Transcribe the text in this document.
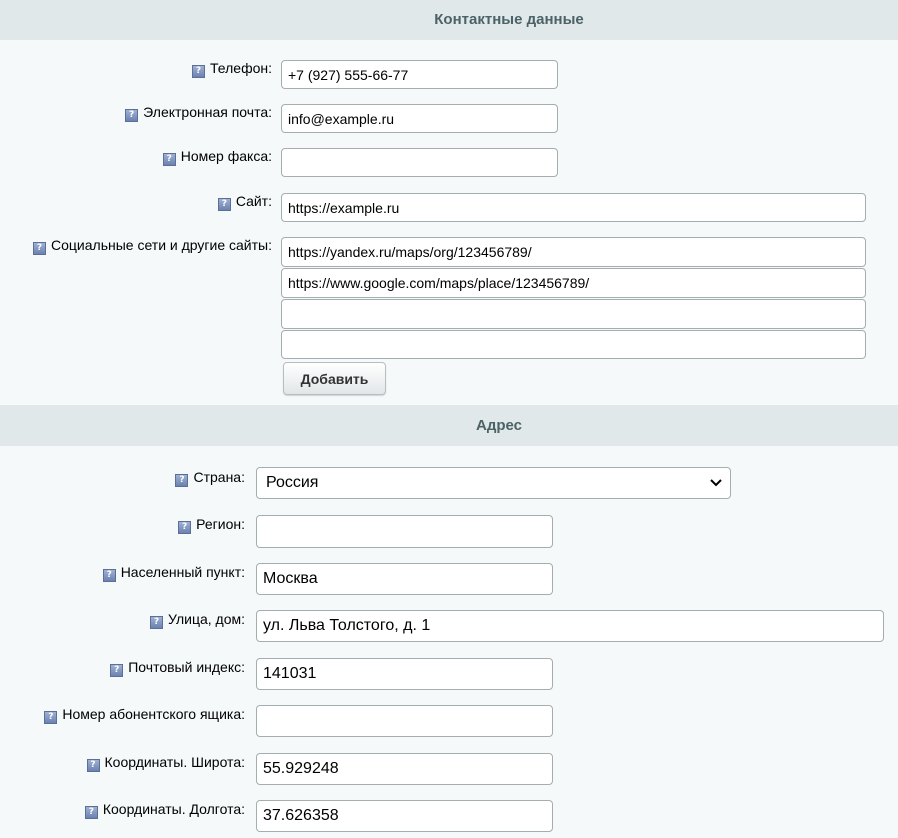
Контактные данные
? Телефон:
+7 (927) 555-66-77
? Электронная почта:
info@example.ru
? Номер факса:
? Сайт:
https://example.ru
? Социальные сети и другие сайты:
https://yandex.ru/maps/org/123456789/
https://www.google.com/maps/place/123456789/
Добавить
Адрес
? Страна:	Россия
? Регион:
? Населенный пункт:
Москва
? Улица, дом:
ул. Льва Толстого, д. 1
? Почтовый индекс:
141031
? Номер абонентского ящика:
? Координаты. Широта:
55.929248
? Координаты. Долгота:
37.626358
